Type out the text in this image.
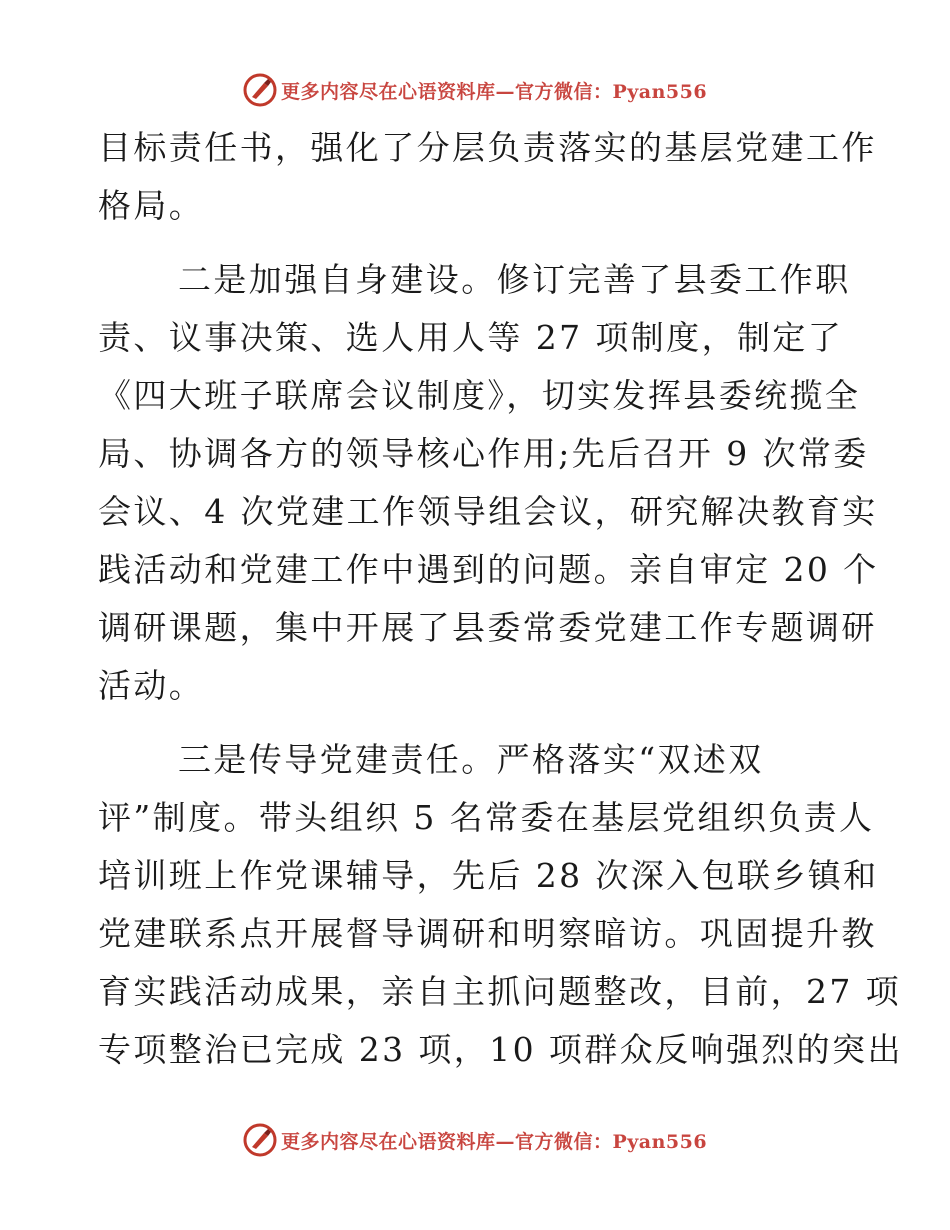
更多内容尽在心语资料库—官方微信：Pyan556
目标责任书，强化了分层负责落实的基层党建工作
格局。
二是加强自身建设。修订完善了县委工作职
责、议事决策、选人用人等 27 项制度，制定了
《四大班子联席会议制度》，切实发挥县委统揽全
局、协调各方的领导核心作用;先后召开 9 次常委
会议、4 次党建工作领导组会议，研究解决教育实
践活动和党建工作中遇到的问题。亲自审定 20 个
调研课题，集中开展了县委常委党建工作专题调研
活动。
三是传导党建责任。严格落实“双述双
评”制度。带头组织 5 名常委在基层党组织负责人
培训班上作党课辅导，先后 28 次深入包联乡镇和
党建联系点开展督导调研和明察暗访。巩固提升教
育实践活动成果，亲自主抓问题整改，目前，27 项
专项整治已完成 23 项，10 项群众反响强烈的突出
更多内容尽在心语资料库—官方微信：Pyan556
